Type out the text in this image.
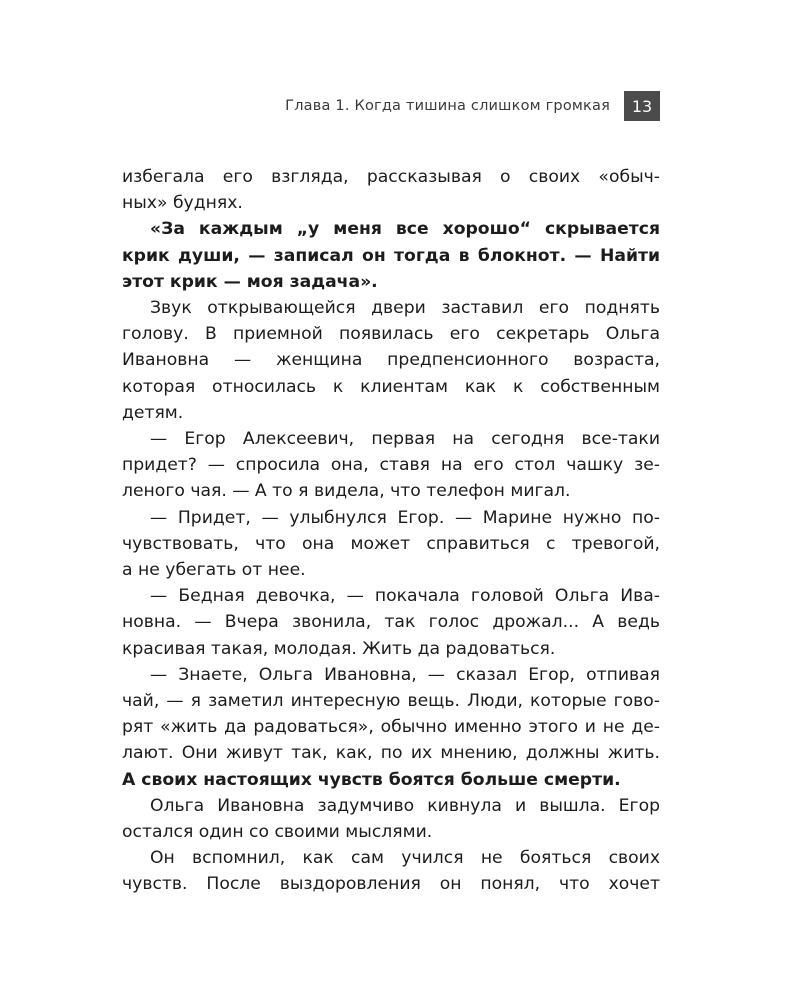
Глава 1. Когда тишина слишком громкая	13
избегала его взгляда, рассказывая о своих «обыч-
ных» буднях.
«За каждым „у меня все хорошо“ скрывается
крик души, — записал он тогда в блокнот. — Найти
этот крик — моя задача».
Звук открывающейся двери заставил его поднять
голову. В приемной появилась его секретарь Ольга
Ивановна — женщина предпенсионного возраста,
которая относилась к клиентам как к собственным
детям.
— Егор Алексеевич, первая на сегодня все-таки
придет? — спросила она, ставя на его стол чашку зе-
леного чая. — А то я видела, что телефон мигал.
— Придет, — улыбнулся Егор. — Марине нужно по-
чувствовать, что она может справиться с тревогой,
а не убегать от нее.
— Бедная девочка, — покачала головой Ольга Ива-
новна. — Вчера звонила, так голос дрожал... А ведь
красивая такая, молодая. Жить да радоваться.
— Знаете, Ольга Ивановна, — сказал Егор, отпивая
чай, — я заметил интересную вещь. Люди, которые гово-
рят «жить да радоваться», обычно именно этого и не де-
лают. Они живут так, как, по их мнению, должны жить.
А своих настоящих чувств боятся больше смерти.
Ольга Ивановна задумчиво кивнула и вышла. Егор
остался один со своими мыслями.
Он вспомнил, как сам учился не бояться своих
чувств. После выздоровления он понял, что хочет
